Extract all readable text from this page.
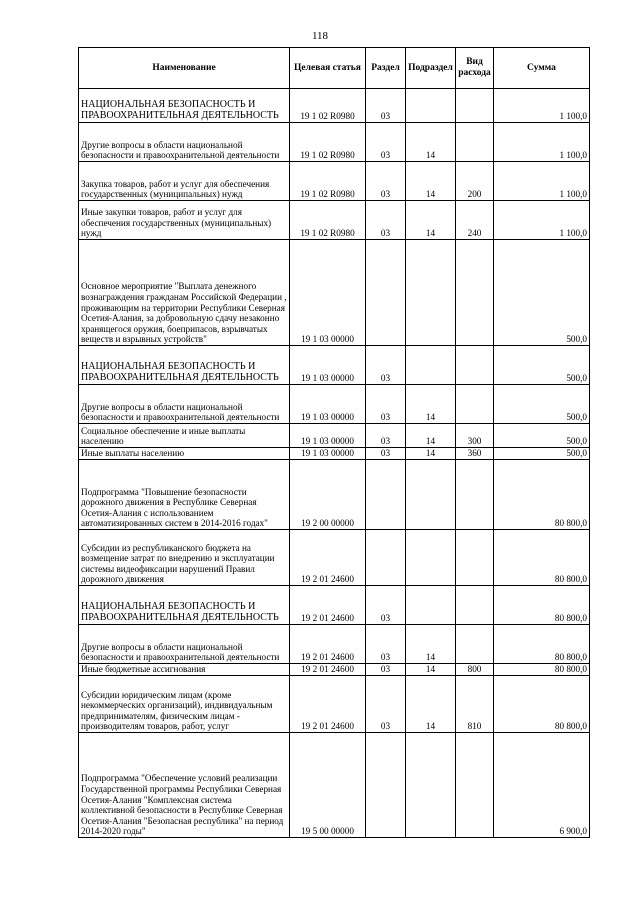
118
Наименование	Целевая статья	Раздел	Подраздел	Вид расхода	Сумма
НАЦИОНАЛЬНАЯ БЕЗОПАСНОСТЬ И ПРАВООХРАНИТЕЛЬНАЯ ДЕЯТЕЛЬНОСТЬ	19 1 02 R0980	03			1 100,0
Другие вопросы в области национальной безопасности и правоохранительной деятельности	19 1 02 R0980	03	14		1 100,0
Закупка товаров, работ и услуг для обеспечения государственных (муниципальных) нужд	19 1 02 R0980	03	14	200	1 100,0
Иные закупки товаров, работ и услуг для обеспечения государственных (муниципальных) нужд	19 1 02 R0980	03	14	240	1 100,0
Основное мероприятие "Выплата денежного вознаграждения гражданам Российской Федерации , проживающим на территории Республики Северная Осетия-Алания, за добровольную сдачу незаконно хранящегося оружия, боеприпасов, взрывчатых веществ и взрывных устройств"	19 1 03 00000				500,0
НАЦИОНАЛЬНАЯ БЕЗОПАСНОСТЬ И ПРАВООХРАНИТЕЛЬНАЯ ДЕЯТЕЛЬНОСТЬ	19 1 03 00000	03			500,0
Другие вопросы в области национальной безопасности и правоохранительной деятельности	19 1 03 00000	03	14		500,0
Социальное обеспечение и иные выплаты населению	19 1 03 00000	03	14	300	500,0
Иные выплаты населению	19 1 03 00000	03	14	360	500,0
Подпрограмма "Повышение безопасности дорожного движения в Республике Северная Осетия-Алания с использованием автоматизированных систем в 2014-2016 годах"	19 2 00 00000				80 800,0
Субсидии из республиканского бюджета на возмещение затрат по внедрению и эксплуатации системы видеофиксации нарушений Правил дорожного движения	19 2 01 24600				80 800,0
НАЦИОНАЛЬНАЯ БЕЗОПАСНОСТЬ И ПРАВООХРАНИТЕЛЬНАЯ ДЕЯТЕЛЬНОСТЬ	19 2 01 24600	03			80 800,0
Другие вопросы в области национальной безопасности и правоохранительной деятельности	19 2 01 24600	03	14		80 800,0
Иные бюджетные ассигнования	19 2 01 24600	03	14	800	80 800,0
Субсидии юридическим лицам (кроме некоммерческих организаций), индивидуальным предпринимателям, физическим лицам - производителям товаров, работ, услуг	19 2 01 24600	03	14	810	80 800,0
Подпрограмма "Обеспечение условий реализации Государственной программы Республики Северная Осетия-Алания "Комплексная система коллективной безопасности в Республике Северная Осетия-Алания "Безопасная республика" на период 2014-2020 годы"	19 5 00 00000				6 900,0
